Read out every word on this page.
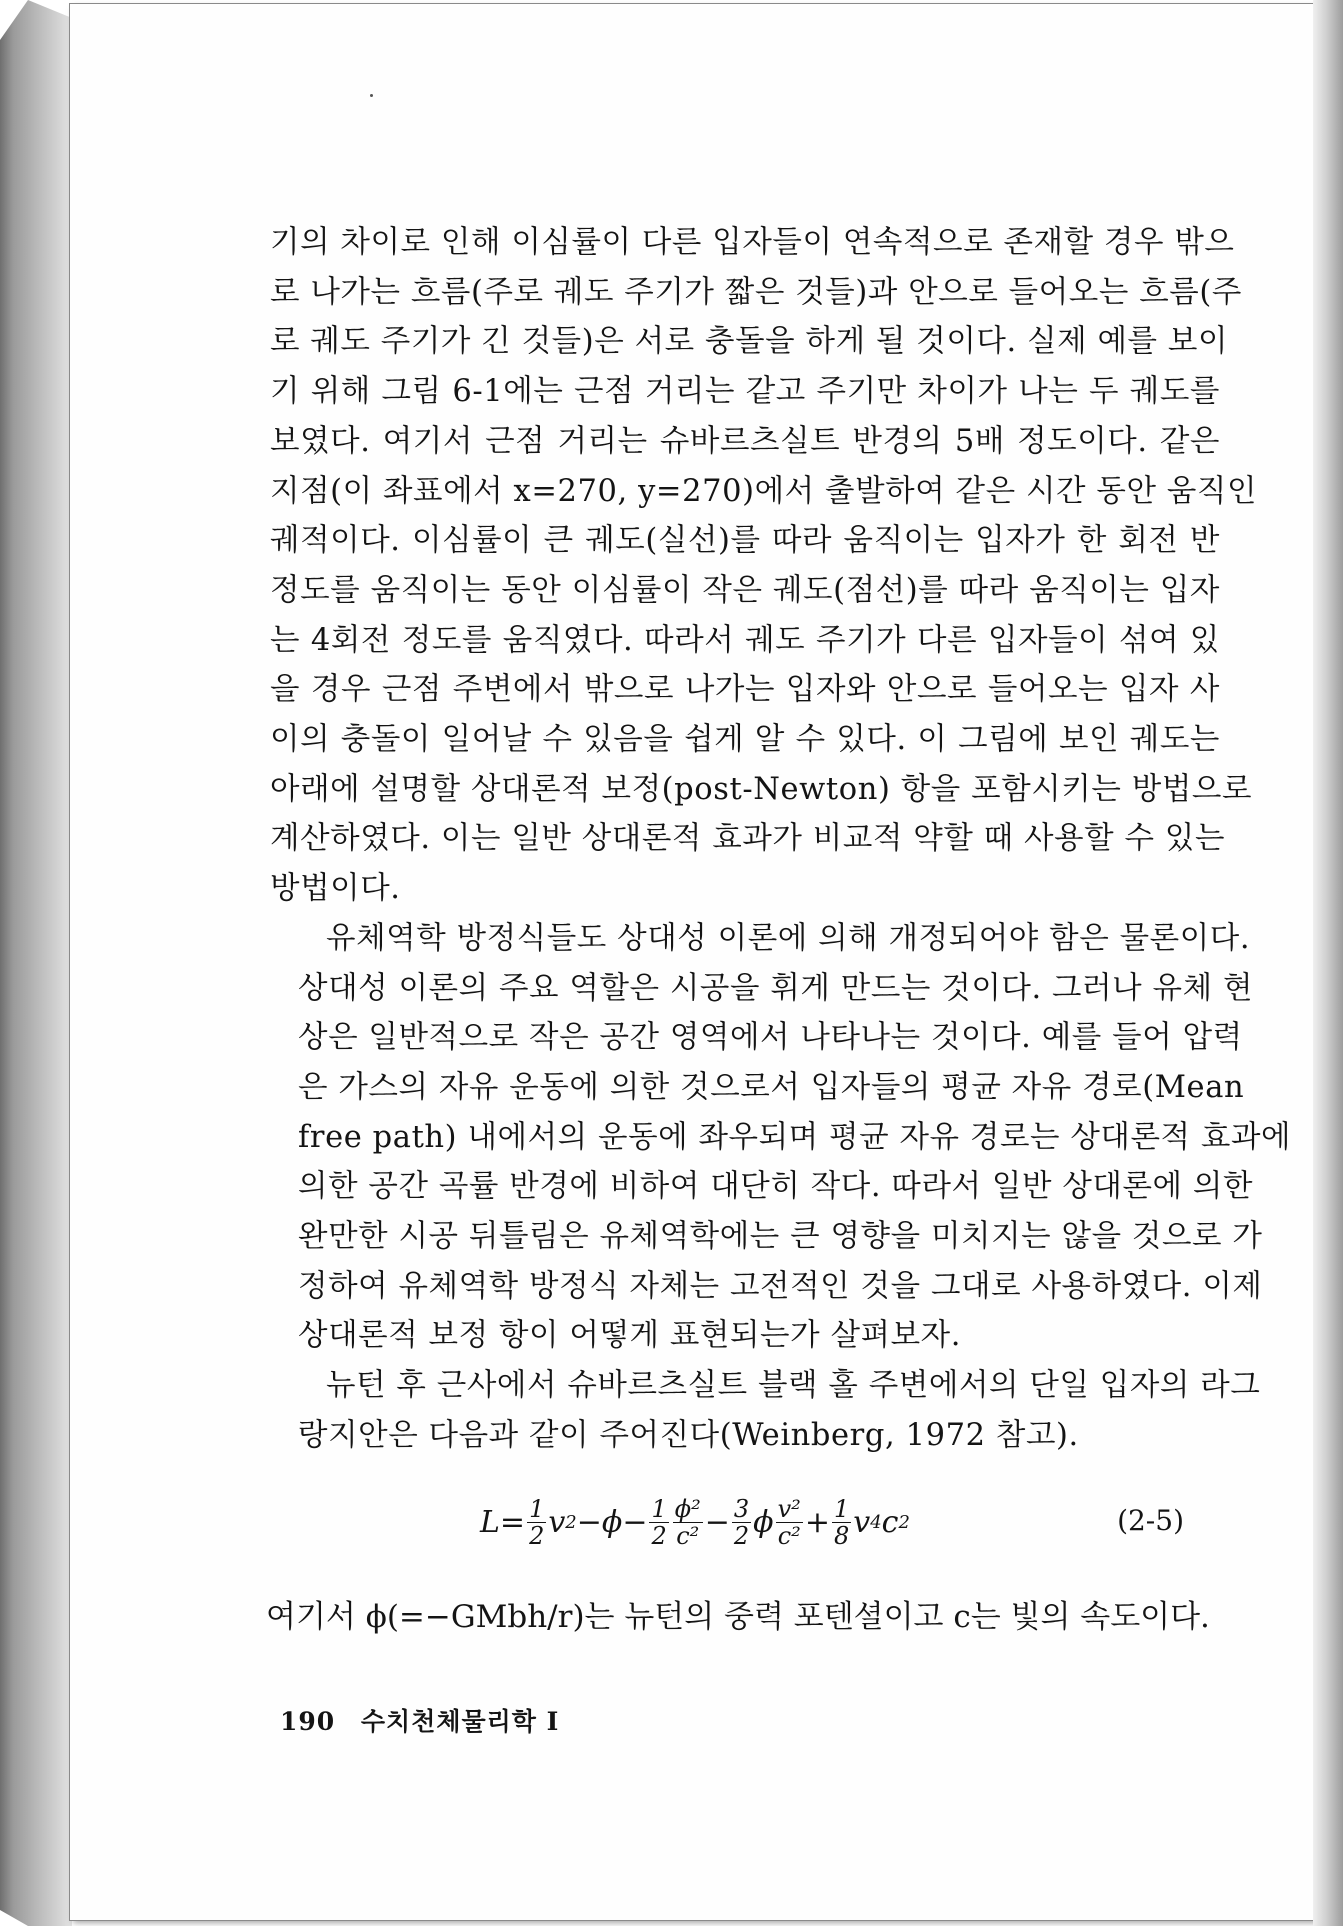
기의 차이로 인해 이심률이 다른 입자들이 연속적으로 존재할 경우 밖으
로 나가는 흐름(주로 궤도 주기가 짧은 것들)과 안으로 들어오는 흐름(주
로 궤도 주기가 긴 것들)은 서로 충돌을 하게 될 것이다. 실제 예를 보이
기 위해 그림 6-1에는 근점 거리는 같고 주기만 차이가 나는 두 궤도를
보였다. 여기서 근점 거리는 슈바르츠실트 반경의 5배 정도이다. 같은
지점(이 좌표에서 x=270, y=270)에서 출발하여 같은 시간 동안 움직인
궤적이다. 이심률이 큰 궤도(실선)를 따라 움직이는 입자가 한 회전 반
정도를 움직이는 동안 이심률이 작은 궤도(점선)를 따라 움직이는 입자
는 4회전 정도를 움직였다. 따라서 궤도 주기가 다른 입자들이 섞여 있
을 경우 근점 주변에서 밖으로 나가는 입자와 안으로 들어오는 입자 사
이의 충돌이 일어날 수 있음을 쉽게 알 수 있다. 이 그림에 보인 궤도는
아래에 설명할 상대론적 보정(post-Newton) 항을 포함시키는 방법으로
계산하였다. 이는 일반 상대론적 효과가 비교적 약할 때 사용할 수 있는
방법이다.

유체역학 방정식들도 상대성 이론에 의해 개정되어야 함은 물론이다.
상대성 이론의 주요 역할은 시공을 휘게 만드는 것이다. 그러나 유체 현
상은 일반적으로 작은 공간 영역에서 나타나는 것이다. 예를 들어 압력
은 가스의 자유 운동에 의한 것으로서 입자들의 평균 자유 경로(Mean
free path) 내에서의 운동에 좌우되며 평균 자유 경로는 상대론적 효과에
의한 공간 곡률 반경에 비하여 대단히 작다. 따라서 일반 상대론에 의한
완만한 시공 뒤틀림은 유체역학에는 큰 영향을 미치지는 않을 것으로 가
정하여 유체역학 방정식 자체는 고전적인 것을 그대로 사용하였다. 이제
상대론적 보정 항이 어떻게 표현되는가 살펴보자.

뉴턴 후 근사에서 슈바르츠실트 블랙 홀 주변에서의 단일 입자의 라그
랑지안은 다음과 같이 주어진다(Weinberg, 1972 참고).

$L= \frac{1}{2}$ v $2 - \phi - \frac{1}{2} \frac{\text{ϕ²}}{\text{c²}} - \frac{3}{2}$ ϕ $\frac{\text{v²}}{\text{c²}} + \frac{1}{8}$ v 4 c 2	(2-5)
여기서 ϕ(=−GMbh/r)는 뉴턴의 중력 포텐셜이고 c는 빛의 속도이다.
190 수치천체물리학 Ⅰ
